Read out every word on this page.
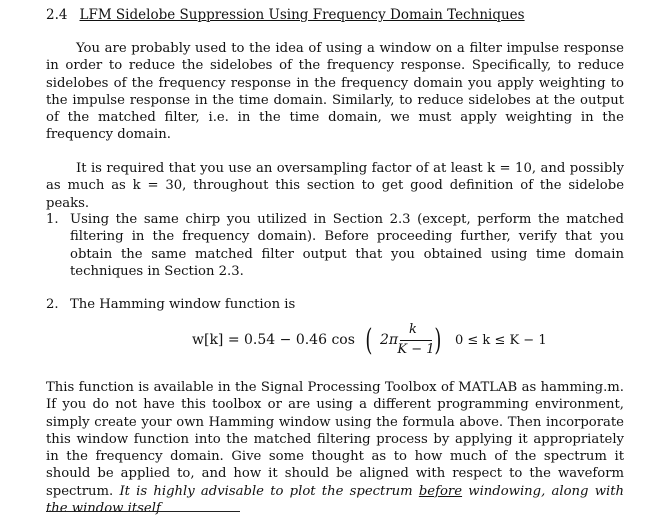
2.4 LFM Sidelobe Suppression Using Frequency Domain Techniques

You are probably used to the idea of using a window on a filter impulse response in order to reduce the sidelobes of the frequency response. Specifically, to reduce sidelobes of the frequency response in the frequency domain you apply weighting to the impulse response in the time domain. Similarly, to reduce sidelobes at the output of the matched filter, i.e. in the time domain, we must apply weighting in the frequency domain.

It is required that you use an oversampling factor of at least k = 10, and possibly as much as k = 30, throughout this section to get good definition of the sidelobe peaks.

1. Using the same chirp you utilized in Section 2.3 (except, perform the matched filtering in the frequency domain). Before proceeding further, verify that you obtain the same matched filter output that you obtained using time domain techniques in Section 2.3.
2. The Hamming window function is
w[k] = 0.54 − 0.46 cos ( 2π
k
K − 1 ) 0 ≤ k ≤ K − 1

This function is available in the Signal Processing Toolbox of MATLAB as hamming.m. If you do not have this toolbox or are using a different programming environment, simply create your own Hamming window using the formula above. Then incorporate this window function into the matched filtering process by applying it appropriately in the frequency domain. Give some thought as to how much of the spectrum it should be applied to, and how it should be aligned with respect to the waveform spectrum. It is highly advisable to plot the spectrum before windowing, along with the window itself
